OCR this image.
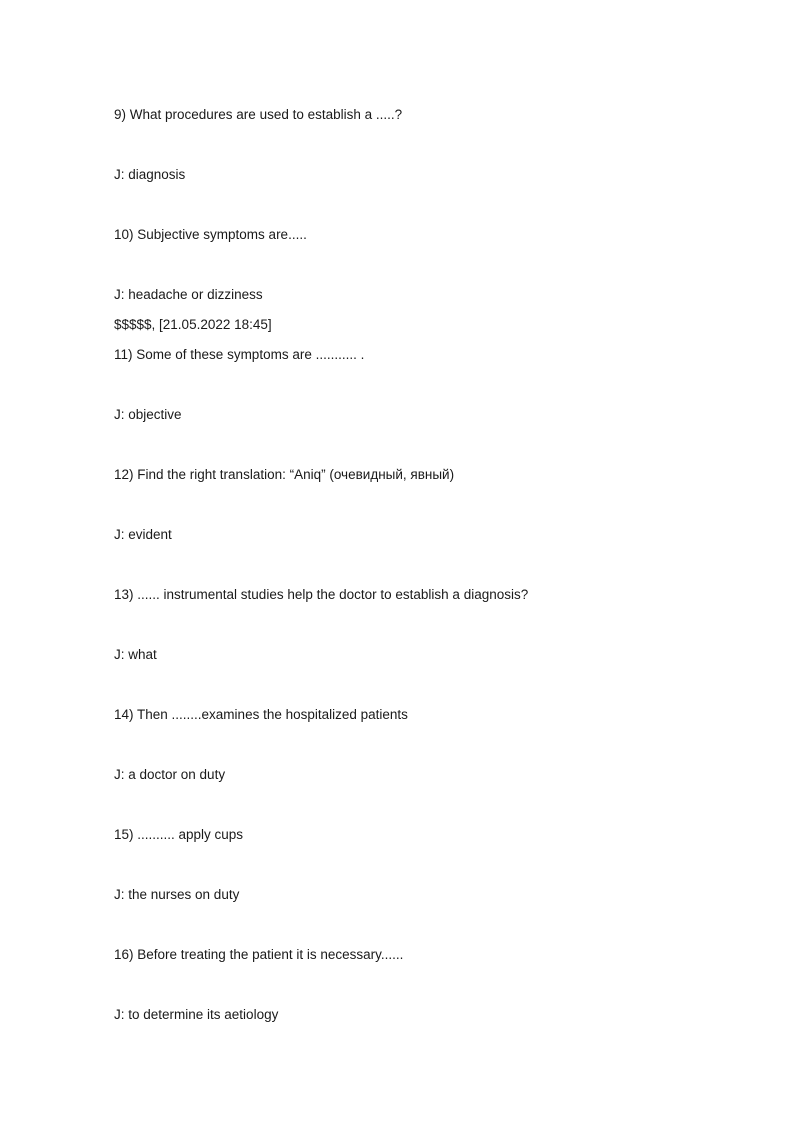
9) What procedures are used to establish a .....?
J: diagnosis
10) Subjective symptoms are.....
J: headache or dizziness
$$$$$, [21.05.2022 18:45]
11) Some of these symptoms are ........... .
J: objective
12) Find the right translation: “Aniq” (очевидный, явный)
J: evident
13) ...... instrumental studies help the doctor to establish a diagnosis?
J: what
14) Then ........examines the hospitalized patients
J: a doctor on duty
15) .......... apply cups
J: the nurses on duty
16) Before treating the patient it is necessary......
J: to determine its aetiology
